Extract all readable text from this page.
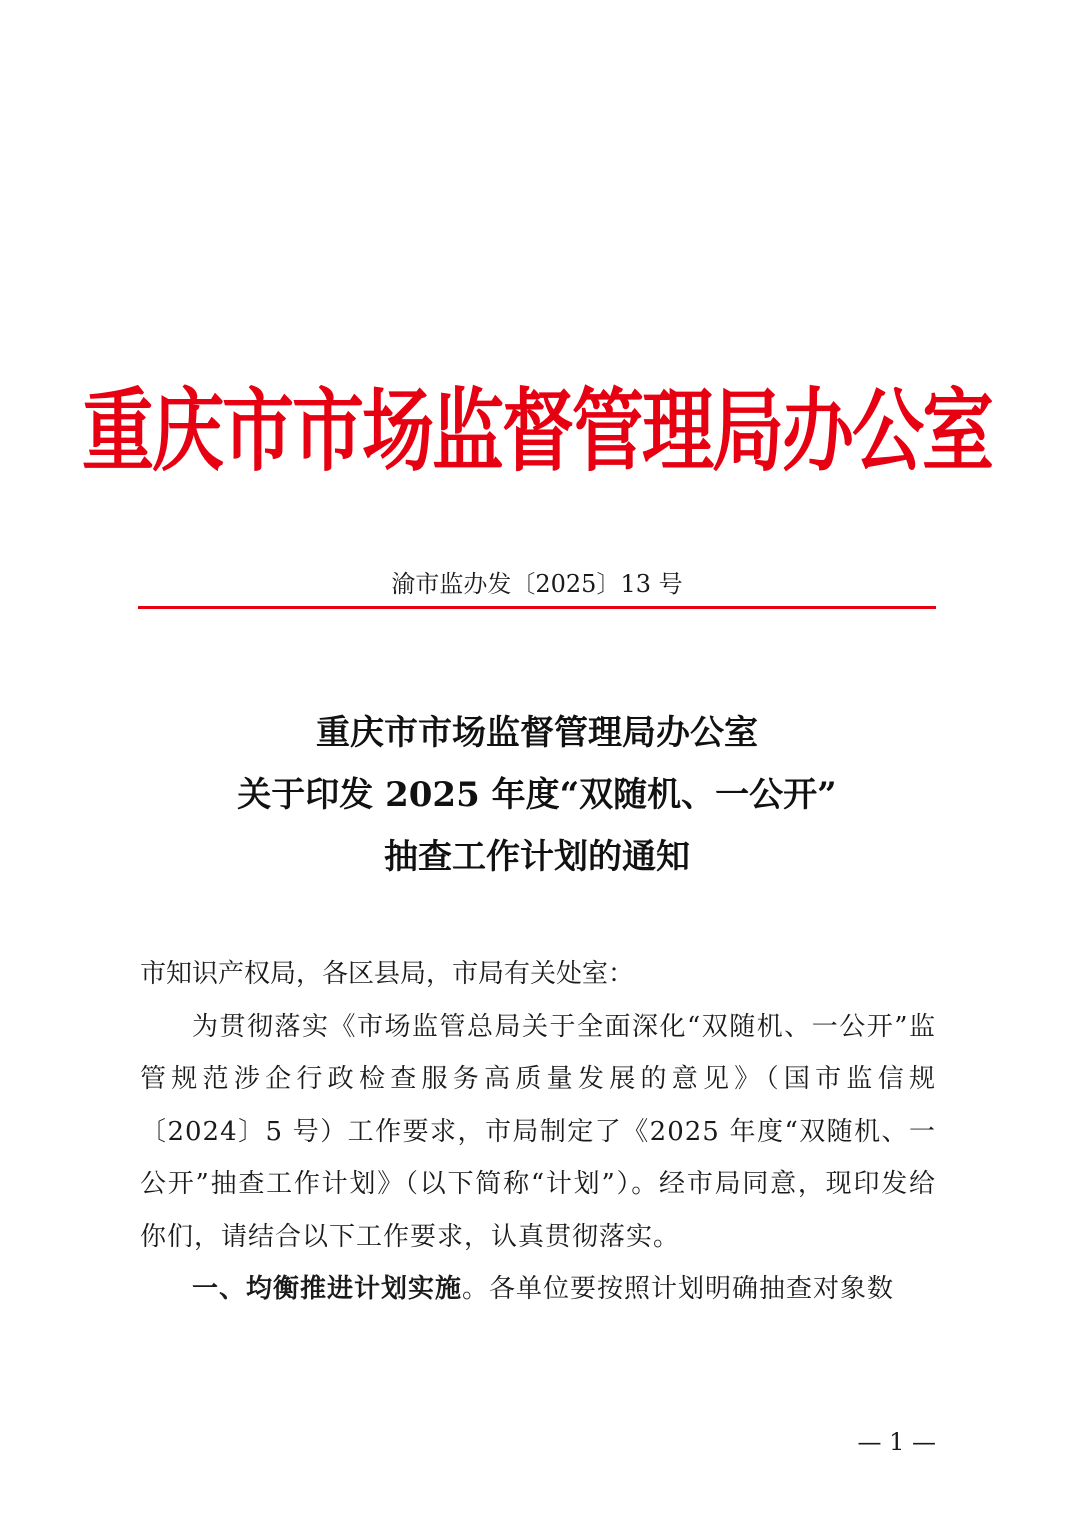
重庆市市场监督管理局办公室
渝市监办发〔2025〕13 号
重庆市市场监督管理局办公室
关于印发 2025 年度“双随机、一公开”
抽查工作计划的通知
市知识产权局，各区县局，市局有关处室：
为贯彻落实《市场监管总局关于全面深化“双随机、一公开”监管规范涉企行政检查服务高质量发展的意见》（国市监信规〔2024〕5 号）工作要求，市局制定了《2025 年度“双随机、一公开”抽查工作计划》（以下简称“计划”）。经市局同意，现印发给你们，请结合以下工作要求，认真贯彻落实。
一、均衡推进计划实施。各单位要按照计划明确抽查对象数
— 1 —
